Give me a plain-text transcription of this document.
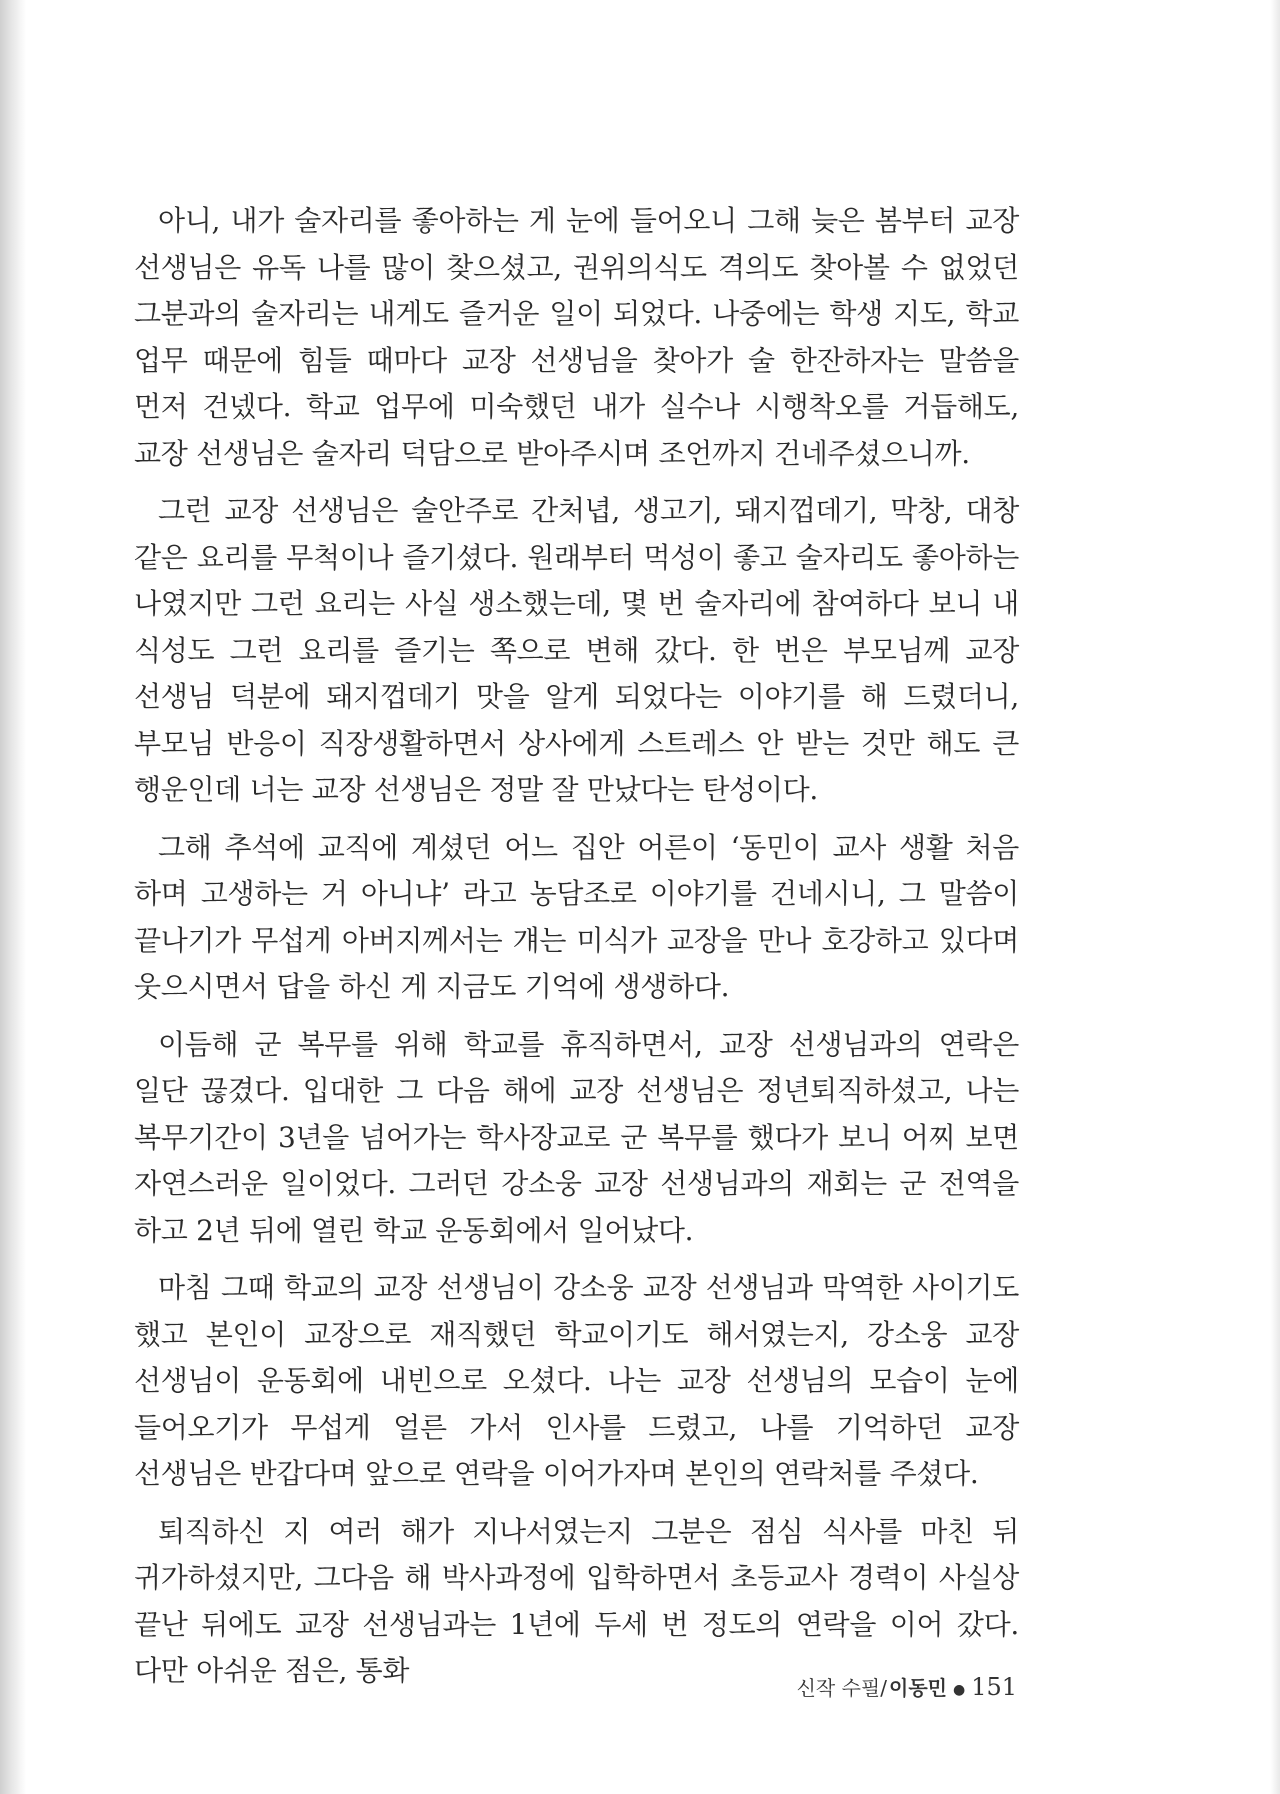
아니, 내가 술자리를 좋아하는 게 눈에 들어오니 그해 늦은 봄부터 교장 선생님은 유독 나를 많이 찾으셨고, 권위의식도 격의도 찾아볼 수 없었던 그분과의 술자리는 내게도 즐거운 일이 되었다. 나중에는 학생 지도, 학교 업무 때문에 힘들 때마다 교장 선생님을 찾아가 술 한잔하자는 말씀을 먼저 건넸다. 학교 업무에 미숙했던 내가 실수나 시행착오를 거듭해도, 교장 선생님은 술자리 덕담으로 받아주시며 조언까지 건네주셨으니까.

그런 교장 선생님은 술안주로 간처녑, 생고기, 돼지껍데기, 막창, 대창 같은 요리를 무척이나 즐기셨다. 원래부터 먹성이 좋고 술자리도 좋아하는 나였지만 그런 요리는 사실 생소했는데, 몇 번 술자리에 참여하다 보니 내 식성도 그런 요리를 즐기는 쪽으로 변해 갔다. 한 번은 부모님께 교장 선생님 덕분에 돼지껍데기 맛을 알게 되었다는 이야기를 해 드렸더니, 부모님 반응이 직장생활하면서 상사에게 스트레스 안 받는 것만 해도 큰 행운인데 너는 교장 선생님은 정말 잘 만났다는 탄성이다.

그해 추석에 교직에 계셨던 어느 집안 어른이 ‘동민이 교사 생활 처음 하며 고생하는 거 아니냐’ 라고 농담조로 이야기를 건네시니, 그 말씀이 끝나기가 무섭게 아버지께서는 걔는 미식가 교장을 만나 호강하고 있다며 웃으시면서 답을 하신 게 지금도 기억에 생생하다.

이듬해 군 복무를 위해 학교를 휴직하면서, 교장 선생님과의 연락은 일단 끊겼다. 입대한 그 다음 해에 교장 선생님은 정년퇴직하셨고, 나는 복무기간이 3년을 넘어가는 학사장교로 군 복무를 했다가 보니 어찌 보면 자연스러운 일이었다. 그러던 강소웅 교장 선생님과의 재회는 군 전역을 하고 2년 뒤에 열린 학교 운동회에서 일어났다.

마침 그때 학교의 교장 선생님이 강소웅 교장 선생님과 막역한 사이기도 했고 본인이 교장으로 재직했던 학교이기도 해서였는지, 강소웅 교장 선생님이 운동회에 내빈으로 오셨다. 나는 교장 선생님의 모습이 눈에 들어오기가 무섭게 얼른 가서 인사를 드렸고, 나를 기억하던 교장 선생님은 반갑다며 앞으로 연락을 이어가자며 본인의 연락처를 주셨다.

퇴직하신 지 여러 해가 지나서였는지 그분은 점심 식사를 마친 뒤 귀가하셨지만, 그다음 해 박사과정에 입학하면서 초등교사 경력이 사실상 끝난 뒤에도 교장 선생님과는 1년에 두세 번 정도의 연락을 이어 갔다. 다만 아쉬운 점은, 통화

신작 수필/ 이동민 ● 151
